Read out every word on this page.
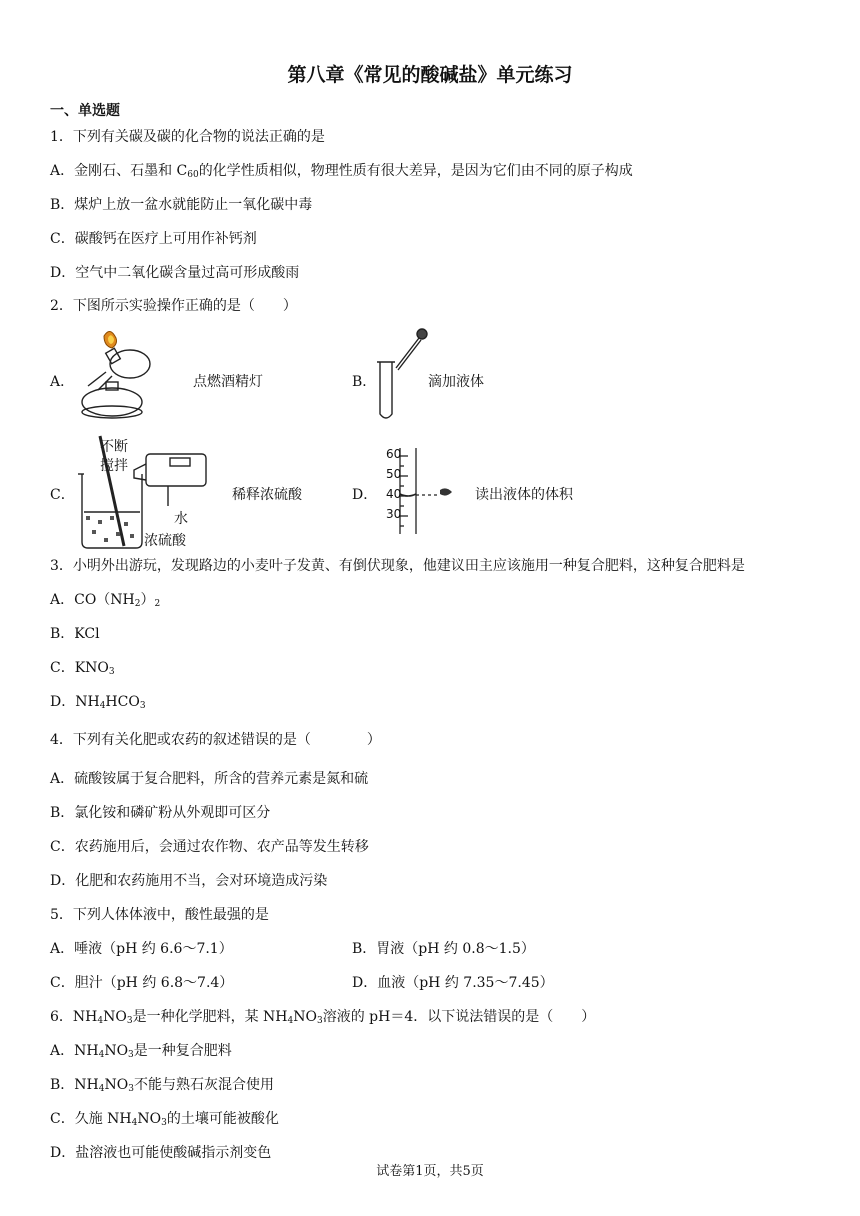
第八章《常见的酸碱盐》单元练习
一、单选题
1．下列有关碳及碳的化合物的说法正确的是
A．金刚石、石墨和 $C_{60}$的化学性质相似，物理性质有很大差异，是因为它们由不同的原子构成
B．煤炉上放一盆水就能防止一氧化碳中毒
C．碳酸钙在医疗上可用作补钙剂
D．空气中二氧化碳含量过高可形成酸雨
2．下图所示实验操作正确的是（　　）
A．	点燃酒精灯	B．	滴加液体
C．
不断
搅拌
水
浓硫酸
稀释浓硫酸	D．
60
50
40
30
读出液体的体积
3．小明外出游玩，发现路边的小麦叶子发黄、有倒伏现象，他建议田主应该施用一种复合肥料，这种复合肥料是
A．$CO(NH_2)_2$
B．KCl
C．$KNO_3$
D．$NH_4HCO_3$
4．下列有关化肥或农药的叙述错误的是（　　　　）
A．硫酸铵属于复合肥料，所含的营养元素是氮和硫
B．氯化铵和磷矿粉从外观即可区分
C．农药施用后，会通过农作物、农产品等发生转移
D．化肥和农药施用不当，会对环境造成污染
5．下列人体体液中，酸性最强的是
A．唾液（pH 约 6.6～7.1）	B．胃液（pH 约 0.8～1.5）
C．胆汁（pH 约 6.8～7.4）	D．血液（pH 约 7.35～7.45）
6．$NH_4NO_3$是一种化学肥料，某 $NH_4NO_3$溶液的 pH＝4．以下说法错误的是（　　）
A．$NH_4NO_3$是一种复合肥料
B．$NH_4NO_3$不能与熟石灰混合使用
C．久施 $NH_4NO_3$的土壤可能被酸化
D．盐溶液也可能使酸碱指示剂变色
试卷第1页，共5页
